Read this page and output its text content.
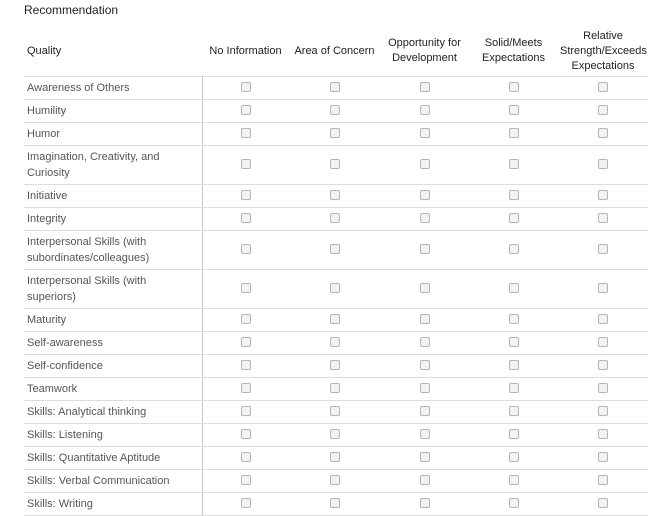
Recommendation
Quality	No Information	Area of Concern	Opportunity for Development	Solid/Meets Expectations	Relative Strength/Exceeds Expectations
Awareness of Others					
Humility					
Humor					
Imagination, Creativity, and Curiosity					
Initiative					
Integrity					
Interpersonal Skills (with subordinates/colleagues)					
Interpersonal Skills (with superiors)					
Maturity					
Self-awareness					
Self-confidence					
Teamwork					
Skills: Analytical thinking					
Skills: Listening					
Skills: Quantitative Aptitude					
Skills: Verbal Communication					
Skills: Writing					
